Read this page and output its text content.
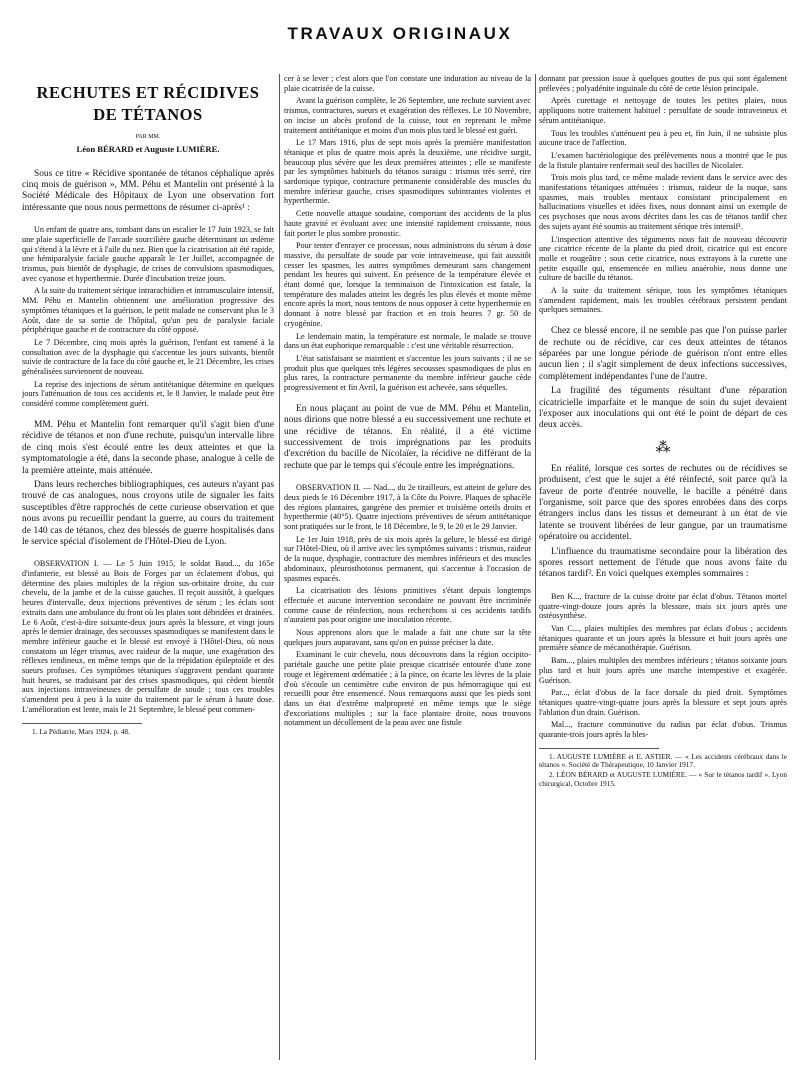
TRAVAUX ORIGINAUX
RECHUTES ET RÉCIDIVES
DE TÉTANOS
PAR MM.
Léon BÉRARD et Auguste LUMIÈRE.

Sous ce titre « Récidive spontanée de tétanos céphalique après cinq mois de guérison », MM. Péhu et Mantelin ont présenté à la Société Médicale des Hôpitaux de Lyon une observation fort intéressante que nous nous permettons de résumer ci-après¹ :

Un enfant de quatre ans, tombant dans un escalier le 17 Juin 1923, se fait une plaie superficielle de l'arcade sourcilière gauche déterminant un œdème qui s'étend à la lèvre et à l'aile du nez. Bien que la cicatrisation ait été rapide, une hémiparalysie faciale gauche apparaît le 1er Juillet, accompagnée de trismus, puis bientôt de dysphagie, de crises de convulsions spasmodiques, avec cyanose et hyperthermie. Durée d'incubation treize jours.

A la suite du traitement sérique intrarachidien et intramusculaire intensif, MM. Péhu et Mantelin obtiennent une amélioration progressive des symptômes tétaniques et la guérison, le petit malade ne conservant plus le 3 Août, date de sa sortie de l'hôpital, qu'un peu de paralysie faciale périphérique gauche et de contracture du côté opposé.

Le 7 Décembre, cinq mois après la guérison, l'enfant est ramené à la consultation avec de la dysphagie qui s'accentue les jours suivants, bientôt suivie de contracture de la face du côté gauche et, le 21 Décembre, les crises généralisées surviennent de nouveau.

La reprise des injections de sérum antitétanique détermine en quelques jours l'atténuation de tous ces accidents et, le 8 Janvier, le malade peut être considéré comme complètement guéri.

MM. Péhu et Mantelin font remarquer qu'il s'agit bien d'une récidive de tétanos et non d'une rechute, puisqu'un intervalle libre de cinq mois s'est écoulé entre les deux atteintes et que la symptomatologie a été, dans la seconde phase, analogue à celle de la première atteinte, mais atténuée.

Dans leurs recherches bibliographiques, ces auteurs n'ayant pas trouvé de cas analogues, nous croyons utile de signaler les faits susceptibles d'être rapprochés de cette curieuse observation et que nous avons pu recueillir pendant la guerre, au cours du traitement de 140 cas de tétanos, chez des blessés de guerre hospitalisés dans le service spécial d'isolement de l'Hôtel-Dieu de Lyon.

OBSERVATION I. — Le 5 Juin 1915, le soldat Baud..., du 165e d'infanterie, est blessé au Bois de Forges par un éclatement d'obus, qui détermine des plaies multiples de la région sus-orbitaire droite, du cuir chevelu, de la jambe et de la cuisse gauches. Il reçoit aussitôt, à quelques heures d'intervalle, deux injections préventives de sérum ; les éclats sont extraits dans une ambulance du front où les plaies sont débridées et drainées. Le 6 Août, c'est-à-dire soixante-deux jours après la blessure, et vingt jours après le dernier drainage, des secousses spasmodiques se manifestent dans le membre inférieur gauche et le blessé est envoyé à l'Hôtel-Dieu, où nous constatons un léger trismus, avec raideur de la nuque, une exagération des réflexes tendineux, en même temps que de la trépidation épileptoïde et des sueurs profuses. Ces symptômes tétaniques s'aggravent pendant quarante huit heures, se traduisant par des crises spasmodiques, qui cèdent bientôt aux injections intraveineuses de persulfate de soude ; tous ces troubles s'amendent peu à peu à la suite du traitement par le sérum à haute dose. L'amélioration est lente, mais le 21 Septembre, le blessé peut commen-

1. La Pédiatrie, Mars 1924, p. 48.

cer à se lever ; c'est alors que l'on constate une induration au niveau de la plaie cicatrisée de la cuisse.

Avant la guérison complète, le 26 Septembre, une rechute survient avec trismus, contractures, sueurs et exagération des réflexes. Le 10 Novembre, on incise un abcès profond de la cuisse, tout en reprenant le même traitement antitétanique et moins d'un mois plus tard le blessé est guéri.

Le 17 Mars 1916, plus de sept mois après la première manifestation tétanique et plus de quatre mois après la deuxième, une récidive surgit, beaucoup plus sévère que les deux premières atteintes ; elle se manifeste par les symptômes habituels du tétanos suraigu : trismus très serré, rire sardonique typique, contracture permanente considérable des muscles du membre inférieur gauche, crises spasmodiques subintrantes violentes et hyperthermie.

Cette nouvelle attaque soudaine, comportant des accidents de la plus haute gravité et évoluant avec une intensité rapidement croissante, nous fait porter le plus sombre pronostic.

Pour tenter d'enrayer ce processus, nous administrons du sérum à dose massive, du persulfate de soude par voie intraveineuse, qui fait aussitôt cesser les spasmes, les autres symptômes demeurant sans changement pendant les heures qui suivent. En présence de la température élevée et étant donné que, lorsque la terminaison de l'intoxication est fatale, la température des malades atteint les degrés les plus élevés et monte même encore après la mort, nous tentons de nous opposer à cette hyperthermie en donnant à notre blessé par fraction et en trois heures 7 gr. 50 de cryogénine.

Le lendemain matin, la température est normale, le malade se trouve dans un état euphorique remarquable : c'est une véritable résurrection.

L'état satisfaisant se maintient et s'accentue les jours suivants ; il ne se produit plus que quelques très légères secousses spasmodiques de plus en plus rares, la contracture permanente du membre inférieur gauche cède progressivement et fin Avril, la guérison est achevée, sans séquelles.

En nous plaçant au point de vue de MM. Péhu et Mantelin, nous dirions que notre blessé a eu successivement une rechute et une récidive de tétanos. En réalité, il a été victime successivement de trois imprégnations par les produits d'excrétion du bacille de Nicolaïer, la récidive ne différant de la rechute que par le temps qui s'écoule entre les imprégnations.

OBSERVATION II. — Nad..., du 2e tirailleurs, est atteint de gelure des deux pieds le 16 Décembre 1917, à la Côte du Poivre. Plaques de sphacèle des régions plantaires, gangrène des premier et troisième orteils droits et hyperthermie (40°5). Quatre injections préventives de sérum antitétanique sont pratiquées sur le front, le 18 Décembre, le 9, le 20 et le 29 Janvier.

Le 1er Juin 1918, près de six mois après la gelure, le blessé est dirigé sur l'Hôtel-Dieu, où il arrive avec les symptômes suivants : trismus, raideur de la nuque, dysphagie, contracture des membres inférieurs et des muscles abdominaux, pleurosthotonos permanent, qui s'accentue à l'occasion de spasmes espacés.

La cicatrisation des lésions primitives s'étant depuis longtemps effectuée et aucune intervention secondaire ne pouvant être incriminée comme cause de réinfection, nous recherchons si ces accidents tardifs n'auraient pas pour origine une inoculation récente.

Nous apprenons alors que le malade a fait une chute sur la tête quelques jours auparavant, sans qu'on en puisse préciser la date.

Examinant le cuir chevelu, nous découvrons dans la région occipito-pariétale gauche une petite plaie presque cicatrisée entourée d'une zone rouge et légèrement œdématiée ; à la pince, on écarte les lèvres de la plaie d'où s'écoule un centimètre cube environ de pus hémorragique qui est recueilli pour être ensemencé. Nous remarquons aussi que les pieds sont dans un état d'extrême malpropreté en même temps que le siège d'excoriations multiples ; sur la face plantaire droite, nous trouvons notamment un décollement de la peau avec une fistule

donnant par pression issue à quelques gouttes de pus qui sont également prélevées ; polyadénite inguinale du côté de cette lésion principale.

Après curettage et nettoyage de toutes les petites plaies, nous appliquons notre traitement habituel : persulfate de soude intraveineux et sérum antitétanique.

Tous les troubles s'atténuent peu à peu et, fin Juin, il ne subsiste plus aucune trace de l'affection.

L'examen bactériologique des prélèvements nous a montré que le pus de la fistule plantaire renfermait seul des bacilles de Nicolaïer.

Trois mois plus tard, ce même malade revient dans le service avec des manifestations tétaniques atténuées : trismus, raideur de la nuque, sans spasmes, mais troubles mentaux consistant principalement en hallucinations visuelles et idées fixes, nous donnant ainsi un exemple de ces psychoses que nous avons décrites dans les cas de tétanos tardif chez des sujets ayant été soumis au traitement sérique très intensif¹.

L'inspection attentive des téguments nous fait de nouveau découvrir une cicatrice récente de la plante du pied droit, cicatrice qui est encore molle et rougeâtre ; sous cette cicatrice, nous extrayons à la curette une petite esquille qui, ensemencée en milieu anaérobie, nous donne une culture de bacille du tétanos.

A la suite du traitement sérique, tous les symptômes tétaniques s'amendent rapidement, mais les troubles cérébraux persistent pendant quelques semaines.

Chez ce blessé encore, il ne semble pas que l'on puisse parler de rechute ou de récidive, car ces deux atteintes de tétanos séparées par une longue période de guérison n'ont entre elles aucun lien ; il s'agit simplement de deux infections successives, complètement indépendantes l'une de l'autre.

La fragilité des téguments résultant d'une réparation cicatricielle imparfaite et le manque de soin du sujet devaient l'exposer aux inoculations qui ont été le point de départ de ces deux accès.

⁂

En réalité, lorsque ces sortes de rechutes ou de récidives se produisent, c'est que le sujet a été réinfecté, soit parce qu'à la faveur de porte d'entrée nouvelle, le bacille a pénétré dans l'organisme, soit parce que des spores enrobées dans des corps étrangers inclus dans les tissus et demeurant à un état de vie latente se trouvent libérées de leur gangue, par un traumatisme opératoire ou accidentel.

L'influence du traumatisme secondaire pour la libération des spores ressort nettement de l'étude que nous avons faite du tétanos tardif². En voici quelques exemples sommaires :

Ben K..., fracture de la cuisse droite par éclat d'obus. Tétanos mortel quatre-vingt-douze jours après la blessure, mais six jours après une ostéosynthèse.

Van C..., plaies multiples des membres par éclats d'obus ; accidents tétaniques quarante et un jours après la blessure et huit jours après une première séance de mécanothérapie. Guérison.

Bam..., plaies multiples des membres inférieurs ; tétanos soixante jours plus tard et huit jours après une marche intempestive et exagérée. Guérison.

Par..., éclat d'obus de la face dorsale du pied droit. Symptômes tétaniques quatre-vingt-quatre jours après la blessure et sept jours après l'ablation d'un drain. Guérison.

Mal..., fracture comminutive du radius par éclat d'obus. Trismus quarante-trois jours après la bles-

1. AUGUSTE LUMIÈRE et E. ASTIER. — « Les accidents cérébraux dans le tétanos ». Société de Thérapeutique, 10 Janvier 1917.

2. LÉON BÉRARD et AUGUSTE LUMIÈRE. — « Sur le tétanos tardif ». Lyon chirurgical, Octobre 1915.
